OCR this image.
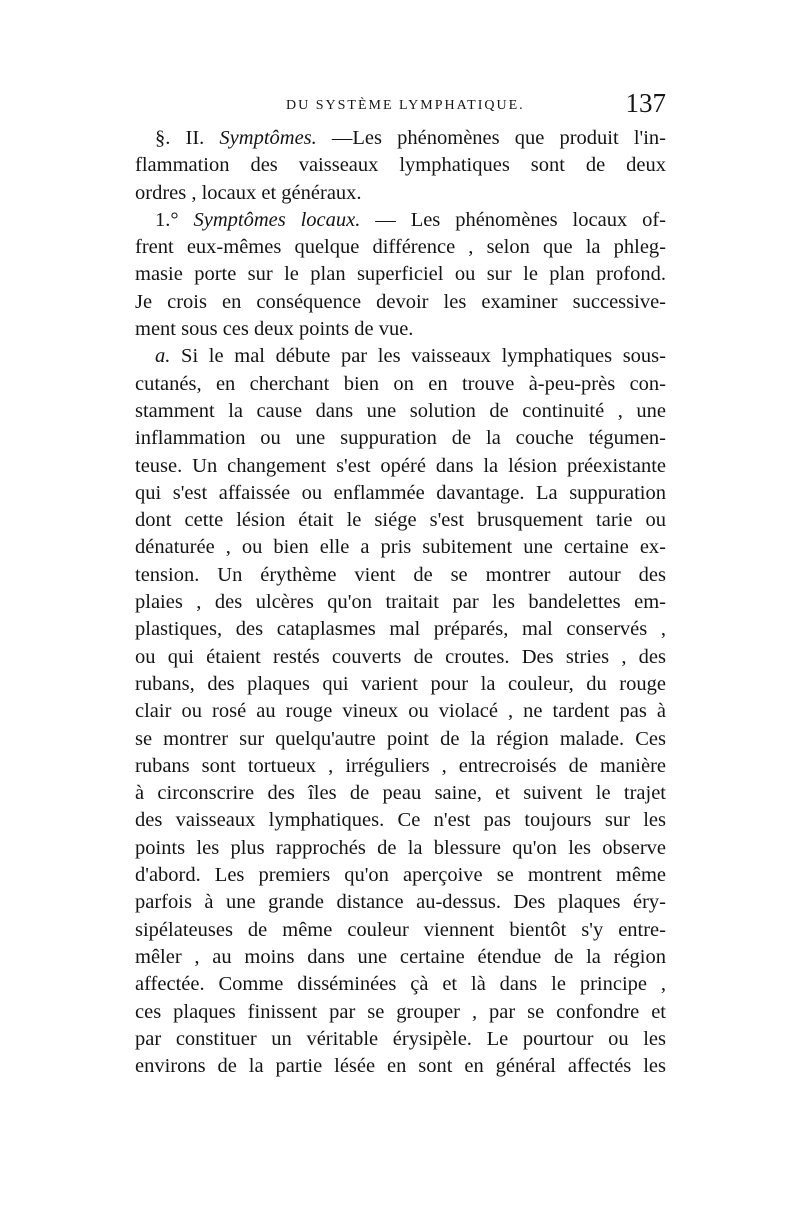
DU SYSTÈME LYMPHATIQUE.	137
§. II. Symptômes. —Les phénomènes que produit l'in-
flammation des vaisseaux lymphatiques sont de deux
ordres , locaux et généraux.
1.° Symptômes locaux. — Les phénomènes locaux of-
frent eux-mêmes quelque différence , selon que la phleg-
masie porte sur le plan superficiel ou sur le plan profond.
Je crois en conséquence devoir les examiner successive-
ment sous ces deux points de vue.
a. Si le mal débute par les vaisseaux lymphatiques sous-
cutanés, en cherchant bien on en trouve à-peu-près con-
stamment la cause dans une solution de continuité , une
inflammation ou une suppuration de la couche tégumen-
teuse. Un changement s'est opéré dans la lésion préexistante
qui s'est affaissée ou enflammée davantage. La suppuration
dont cette lésion était le siége s'est brusquement tarie ou
dénaturée , ou bien elle a pris subitement une certaine ex-
tension. Un érythème vient de se montrer autour des
plaies , des ulcères qu'on traitait par les bandelettes em-
plastiques, des cataplasmes mal préparés, mal conservés ,
ou qui étaient restés couverts de croutes. Des stries , des
rubans, des plaques qui varient pour la couleur, du rouge
clair ou rosé au rouge vineux ou violacé , ne tardent pas à
se montrer sur quelqu'autre point de la région malade. Ces
rubans sont tortueux , irréguliers , entrecroisés de manière
à circonscrire des îles de peau saine, et suivent le trajet
des vaisseaux lymphatiques. Ce n'est pas toujours sur les
points les plus rapprochés de la blessure qu'on les observe
d'abord. Les premiers qu'on aperçoive se montrent même
parfois à une grande distance au-dessus. Des plaques éry-
sipélateuses de même couleur viennent bientôt s'y entre-
mêler , au moins dans une certaine étendue de la région
affectée. Comme disséminées çà et là dans le principe ,
ces plaques finissent par se grouper , par se confondre et
par constituer un véritable érysipèle. Le pourtour ou les
environs de la partie lésée en sont en général affectés les
